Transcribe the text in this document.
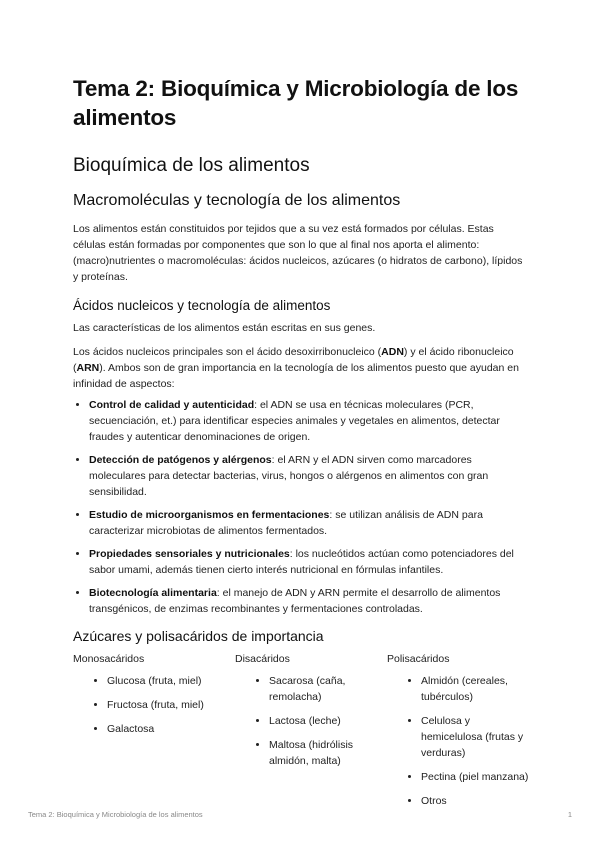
Tema 2: Bioquímica y Microbiología de los alimentos
Bioquímica de los alimentos
Macromoléculas y tecnología de los alimentos

Los alimentos están constituidos por tejidos que a su vez está formados por células. Estas células están formadas por componentes que son lo que al final nos aporta el alimento: (macro)nutrientes o macromoléculas: ácidos nucleicos, azúcares (o hidratos de carbono), lípidos y proteínas.

Ácidos nucleicos y tecnología de alimentos

Las características de los alimentos están escritas en sus genes.

Los ácidos nucleicos principales son el ácido desoxirribonucleico (ADN) y el ácido ribonucleico (ARN). Ambos son de gran importancia en la tecnología de los alimentos puesto que ayudan en infinidad de aspectos:

• Control de calidad y autenticidad: el ADN se usa en técnicas moleculares (PCR, secuenciación, et.) para identificar especies animales y vegetales en alimentos, detectar fraudes y autenticar denominaciones de origen.
• Detección de patógenos y alérgenos: el ARN y el ADN sirven como marcadores moleculares para detectar bacterias, virus, hongos o alérgenos en alimentos con gran sensibilidad.
• Estudio de microorganismos en fermentaciones: se utilizan análisis de ADN para caracterizar microbiotas de alimentos fermentados.
• Propiedades sensoriales y nutricionales: los nucleótidos actúan como potenciadores del sabor umami, además tienen cierto interés nutricional en fórmulas infantiles.
• Biotecnología alimentaria: el manejo de ADN y ARN permite el desarrollo de alimentos transgénicos, de enzimas recombinantes y fermentaciones controladas.
Azúcares y polisacáridos de importancia
Monosacáridos
• Glucosa (fruta, miel)
• Fructosa (fruta, miel)
• Galactosa
Disacáridos
• Sacarosa (caña, remolacha)
• Lactosa (leche)
• Maltosa (hidrólisis almidón, malta)
Polisacáridos
• Almidón (cereales, tubérculos)
• Celulosa y hemicelulosa (frutas y verduras)
• Pectina (piel manzana)
• Otros
Tema 2: Bioquímica y Microbiología de los alimentos	1
